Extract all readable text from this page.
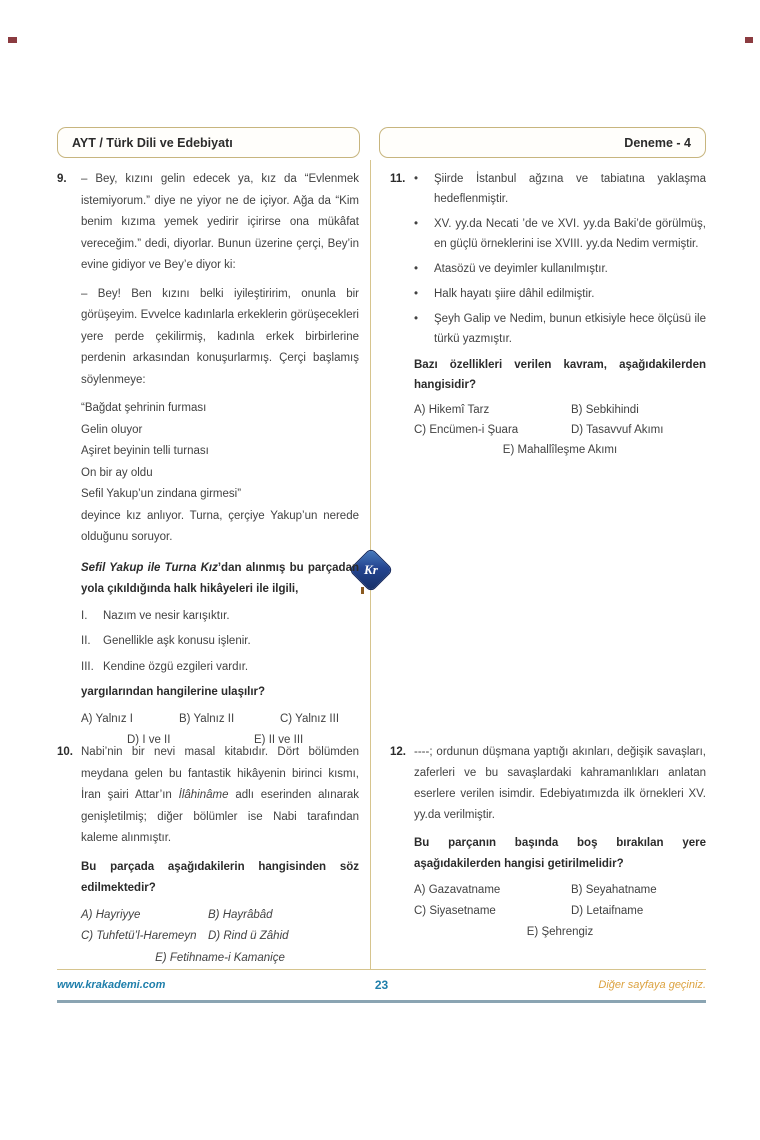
AYT / Türk Dili ve Edebiyatı	Deneme - 4
Kr
9.	– Bey, kızını gelin edecek ya, kız da “Evlenmek istemiyorum.” diye ne yiyor ne de içiyor. Ağa da “Kim benim kızıma yemek yedirir içirirse ona mükâfat vereceğim.” dedi, diyorlar. Bunun üzerine çerçi, Bey’in evine gidiyor ve Bey’e diyor ki:

– Bey! Ben kızını belki iyileştiririm, onunla bir görüşeyim. Evvelce kadınlarla erkeklerin görüşecekleri yere perde çekilirmiş, kadınla erkek birbirlerine perdenin arkasından konuşurlarmış. Çerçi başlamış söylenmeye:

“Bağdat şehrinin furması

Gelin oluyor

Aşiret beyinin telli turnası

On bir ay oldu

Sefil Yakup’un zindana girmesi”

deyince kız anlıyor. Turna, çerçiye Yakup’un nerede olduğunu soruyor.

Sefil Yakup ile Turna Kız’dan alınmış bu parçadan yola çıkıldığında halk hikâyeleri ile ilgili,

I.	Nazım ve nesir karışıktır.
II.	Genellikle aşk konusu işlenir.
III. Kendine özgü ezgileri vardır.

yargılarından hangilerine ulaşılır?

A) Yalnız I	B) Yalnız II	C) Yalnız III
D) I ve II	E) II ve III
11. •	Şiirde İstanbul ağzına ve tabiatına yaklaşma hedeflenmiştir.
•	XV. yy.da Necati ’de ve XVI. yy.da Baki’de görülmüş, en güçlü örneklerini ise XVIII. yy.da Nedim vermiştir.
•	Atasözü ve deyimler kullanılmıştır.
•	Halk hayatı şiire dâhil edilmiştir.
•	Şeyh Galip ve Nedim, bunun etkisiyle hece ölçüsü ile türkü yazmıştır.

Bazı özellikleri verilen kavram, aşağıdakilerden hangisidir?

A) Hikemî Tarz	B) Sebkihindi
C) Encümen-i Şuara	D) Tasavvuf Akımı
E) Mahallîleşme Akımı
10. Nabi’nin bir nevi masal kitabıdır. Dört bölümden meydana gelen bu fantastik hikâyenin birinci kısmı, İran şairi Attar’ın İlâhinâme adlı eserinden alınarak genişletilmiş; diğer bölümler ise Nabi tarafından kaleme alınmıştır.

Bu parçada aşağıdakilerin hangisinden söz edilmektedir?

A) Hayriyye	B) Hayrâbâd
C) Tuhfetü’l-Haremeyn	D) Rind ü Zâhid
E) Fetihname-i Kamaniçe
12. ----; ordunun düşmana yaptığı akınları, değişik savaşları, zaferleri ve bu savaşlardaki kahramanlıkları anlatan eserlere verilen isimdir. Edebiyatımızda ilk örnekleri XV. yy.da verilmiştir.

Bu parçanın başında boş bırakılan yere aşağıdakilerden hangisi getirilmelidir?

A) Gazavatname	B) Seyahatname
C) Siyasetname	D) Letaifname
E) Şehrengiz
www.krakademi.com	23	Diğer sayfaya geçiniz.
